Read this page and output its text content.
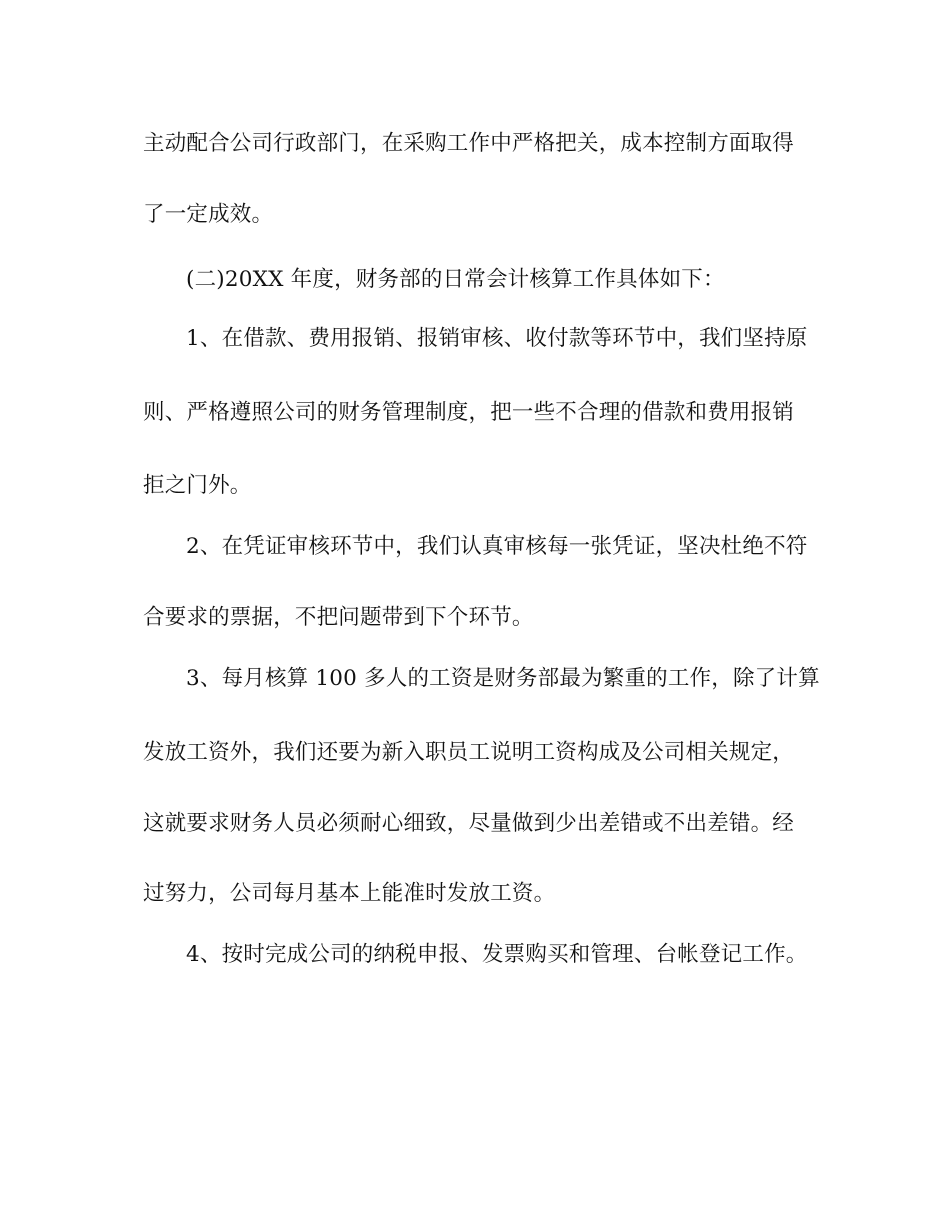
主动配合公司行政部门，在采购工作中严格把关，成本控制方面取得

了一定成效。

(二)20XX 年度，财务部的日常会计核算工作具体如下：

1、在借款、费用报销、报销审核、收付款等环节中，我们坚持原

则、严格遵照公司的财务管理制度，把一些不合理的借款和费用报销

拒之门外。

2、在凭证审核环节中，我们认真审核每一张凭证，坚决杜绝不符

合要求的票据，不把问题带到下个环节。

3、每月核算 100 多人的工资是财务部最为繁重的工作，除了计算

发放工资外，我们还要为新入职员工说明工资构成及公司相关规定，

这就要求财务人员必须耐心细致，尽量做到少出差错或不出差错。经

过努力，公司每月基本上能准时发放工资。

4、按时完成公司的纳税申报、发票购买和管理、台帐登记工作。
